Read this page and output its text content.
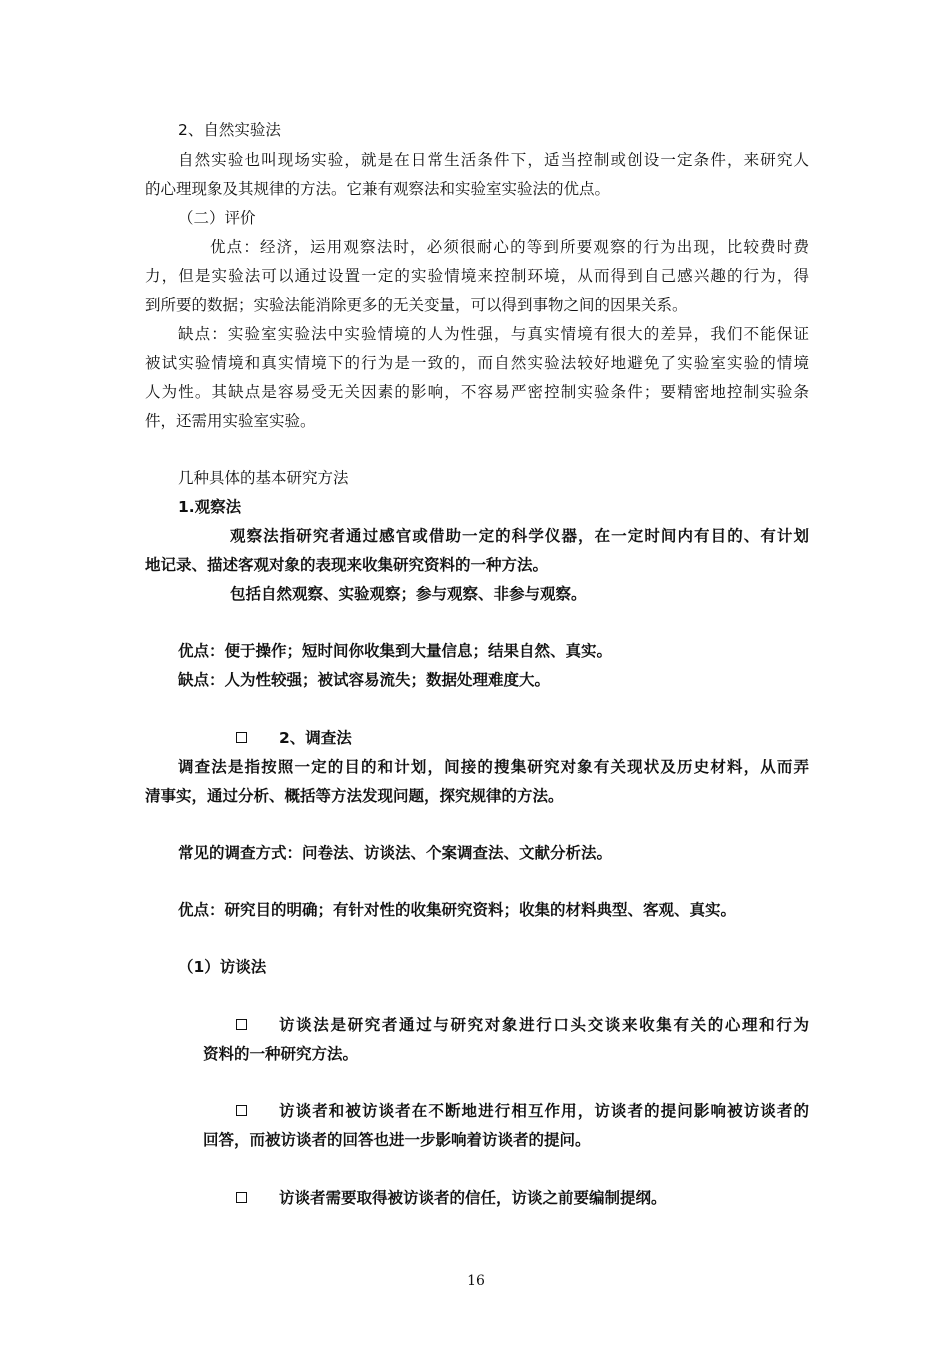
2、自然实验法
自然实验也叫现场实验，就是在日常生活条件下，适当控制或创设一定条件，来研究人
的心理现象及其规律的方法。它兼有观察法和实验室实验法的优点。
（二）评价
优点：经济，运用观察法时，必须很耐心的等到所要观察的行为出现，比较费时费
力，但是实验法可以通过设置一定的实验情境来控制环境，从而得到自己感兴趣的行为，得
到所要的数据；实验法能消除更多的无关变量，可以得到事物之间的因果关系。
缺点：实验室实验法中实验情境的人为性强，与真实情境有很大的差异，我们不能保证
被试实验情境和真实情境下的行为是一致的，而自然实验法较好地避免了实验室实验的情境
人为性。其缺点是容易受无关因素的影响，不容易严密控制实验条件；要精密地控制实验条
件，还需用实验室实验。
几种具体的基本研究方法
1.观察法
观察法指研究者通过感官或借助一定的科学仪器，在一定时间内有目的、有计划
地记录、描述客观对象的表现来收集研究资料的一种方法。
包括自然观察、实验观察；参与观察、非参与观察。
优点：便于操作；短时间你收集到大量信息；结果自然、真实。
缺点：人为性较强；被试容易流失；数据处理难度大。
2、调查法
调查法是指按照一定的目的和计划，间接的搜集研究对象有关现状及历史材料，从而弄
清事实，通过分析、概括等方法发现问题，探究规律的方法。
常见的调查方式：问卷法、访谈法、个案调查法、文献分析法。
优点：研究目的明确；有针对性的收集研究资料；收集的材料典型、客观、真实。
（1）访谈法
访谈法是研究者通过与研究对象进行口头交谈来收集有关的心理和行为
资料的一种研究方法。
访谈者和被访谈者在不断地进行相互作用，访谈者的提问影响被访谈者的
回答，而被访谈者的回答也进一步影响着访谈者的提问。
访谈者需要取得被访谈者的信任，访谈之前要编制提纲。
16
